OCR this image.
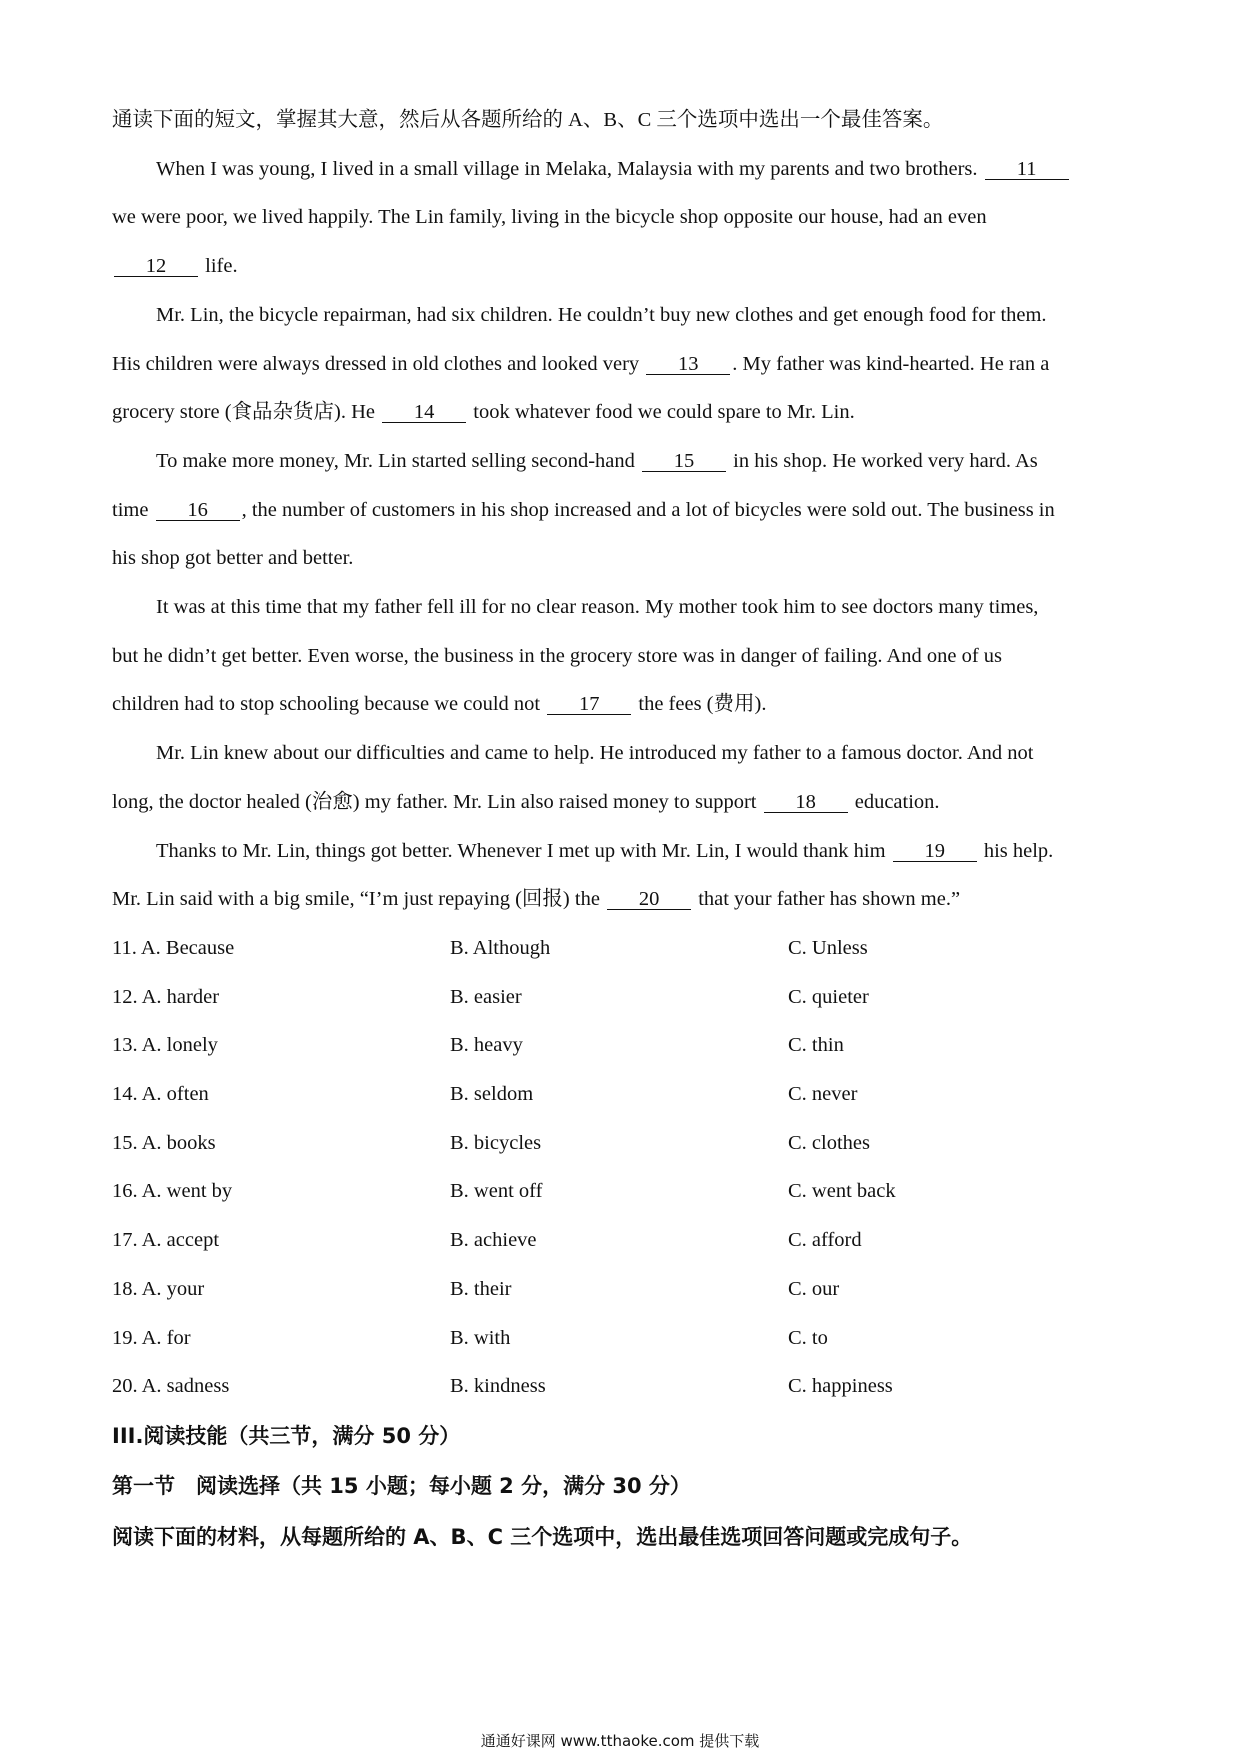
通读下面的短文，掌握其大意，然后从各题所给的 A、B、C 三个选项中选出一个最佳答案。
When I was young, I lived in a small village in Melaka, Malaysia with my parents and two brothers. 11
we were poor, we lived happily. The Lin family, living in the bicycle shop opposite our house, had an even
12 life.
Mr. Lin, the bicycle repairman, had six children. He couldn’t buy new clothes and get enough food for them.
His children were always dressed in old clothes and looked very 13 . My father was kind-hearted. He ran a
grocery store (食品杂货店). He 14 took whatever food we could spare to Mr. Lin.
To make more money, Mr. Lin started selling second-hand 15 in his shop. He worked very hard. As
time 16 , the number of customers in his shop increased and a lot of bicycles were sold out. The business in
his shop got better and better.
It was at this time that my father fell ill for no clear reason. My mother took him to see doctors many times,
but he didn’t get better. Even worse, the business in the grocery store was in danger of failing. And one of us
children had to stop schooling because we could not 17 the fees (费用).
Mr. Lin knew about our difficulties and came to help. He introduced my father to a famous doctor. And not
long, the doctor healed (治愈) my father. Mr. Lin also raised money to support 18 education.
Thanks to Mr. Lin, things got better. Whenever I met up with Mr. Lin, I would thank him 19 his help.
Mr. Lin said with a big smile, “I’m just repaying (回报) the 20 that your father has shown me.”
11. A. Because	B. Although	C. Unless
12. A. harder	B. easier	C. quieter
13. A. lonely	B. heavy	C. thin
14. A. often	B. seldom	C. never
15. A. books	B. bicycles	C. clothes
16. A. went by	B. went off	C. went back
17. A. accept	B. achieve	C. afford
18. A. your	B. their	C. our
19. A. for	B. with	C. to
20. A. sadness	B. kindness	C. happiness
III.阅读技能（共三节，满分 50 分）
第一节　阅读选择（共 15 小题；每小题 2 分，满分 30 分）
阅读下面的材料，从每题所给的 A、B、C 三个选项中，选出最佳选项回答问题或完成句子。
通通好课网 www.tthaoke.com 提供下载
